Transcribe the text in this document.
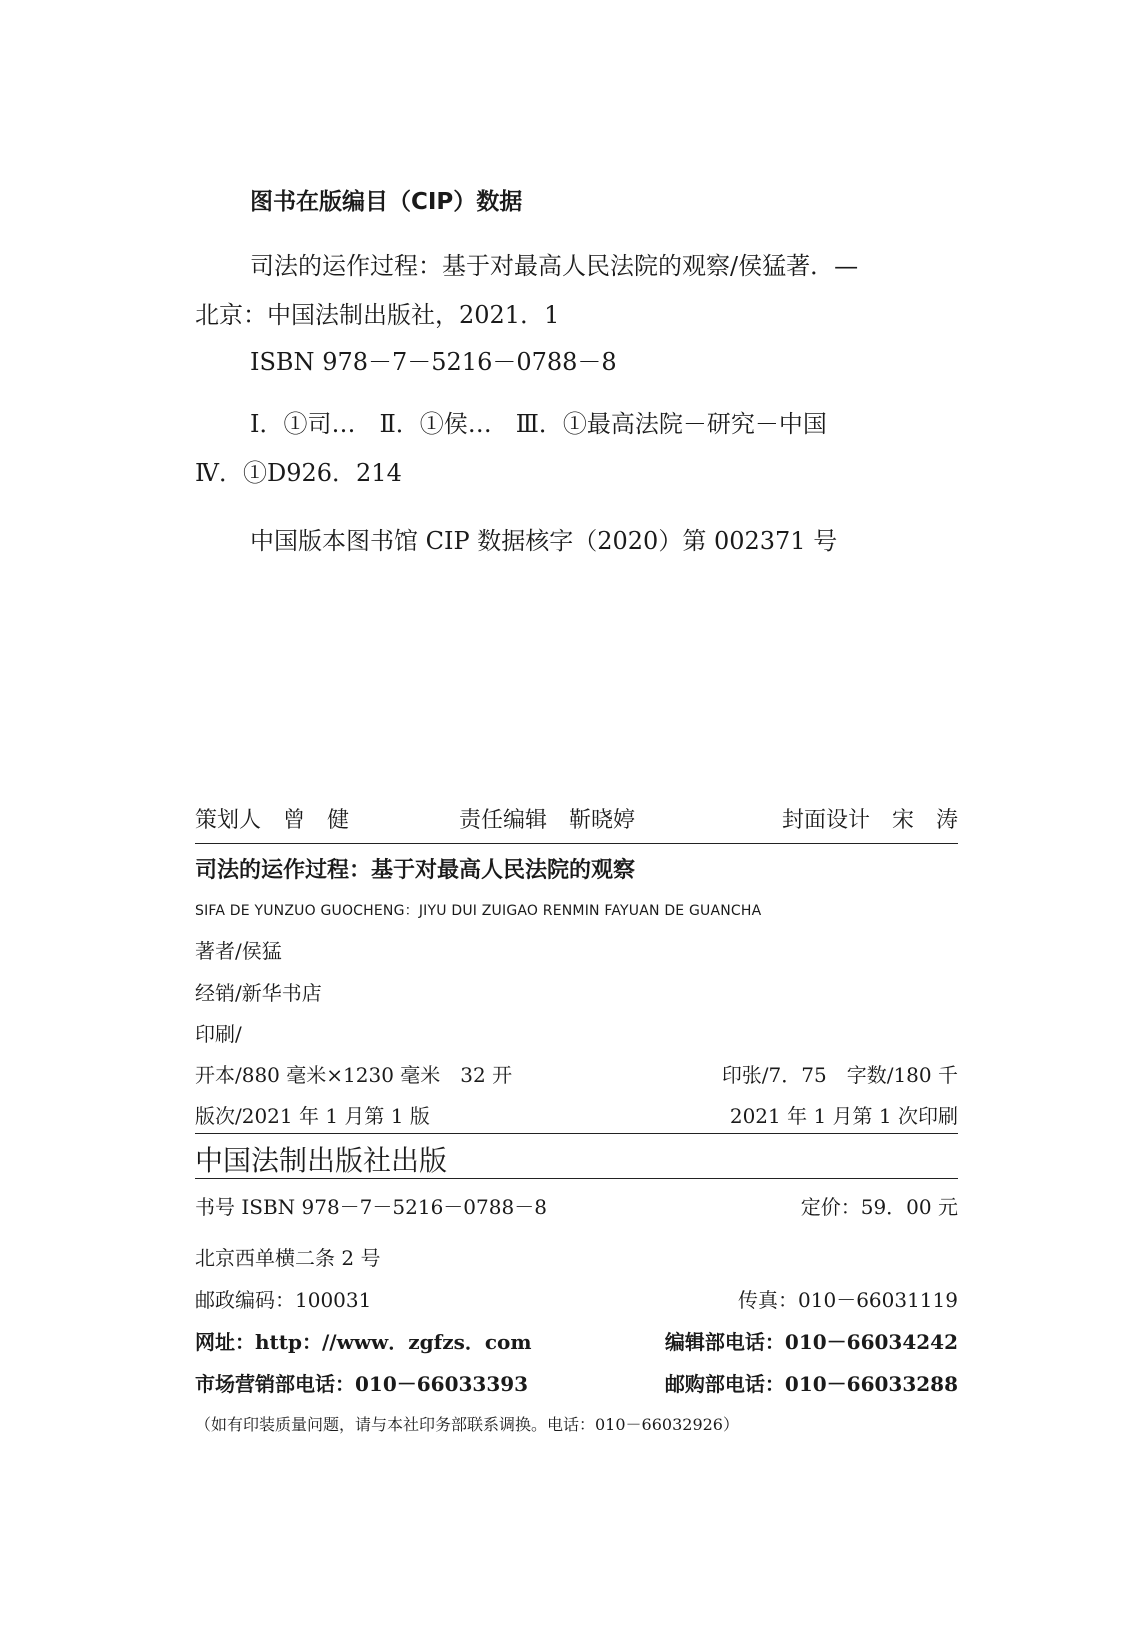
图书在版编目（CIP）数据
司法的运作过程：基于对最高人民法院的观察/侯猛著．—
北京：中国法制出版社，2021．1
ISBN 978－7－5216－0788－8
Ⅰ．①司…　Ⅱ．①侯…　Ⅲ．①最高法院－研究－中国
Ⅳ．①D926．214
中国版本图书馆 CIP 数据核字（2020）第 002371 号
策划人　曾　健	责任编辑　靳晓婷	封面设计　宋　涛
司法的运作过程：基于对最高人民法院的观察
SIFA DE YUNZUO GUOCHENG：JIYU DUI ZUIGAO RENMIN FAYUAN DE GUANCHA
著者/侯猛
经销/新华书店
印刷/
开本/880 毫米×1230 毫米　32 开	印张/7．75　字数/180 千
版次/2021 年 1 月第 1 版	2021 年 1 月第 1 次印刷
中国法制出版社出版
书号 ISBN 978－7－5216－0788－8	定价：59．00 元
北京西单横二条 2 号
邮政编码：100031	传真：010－66031119
网址：http：//www．zgfzs．com	编辑部电话：010－66034242
市场营销部电话：010－66033393	邮购部电话：010－66033288
（如有印装质量问题，请与本社印务部联系调换。电话：010－66032926）
